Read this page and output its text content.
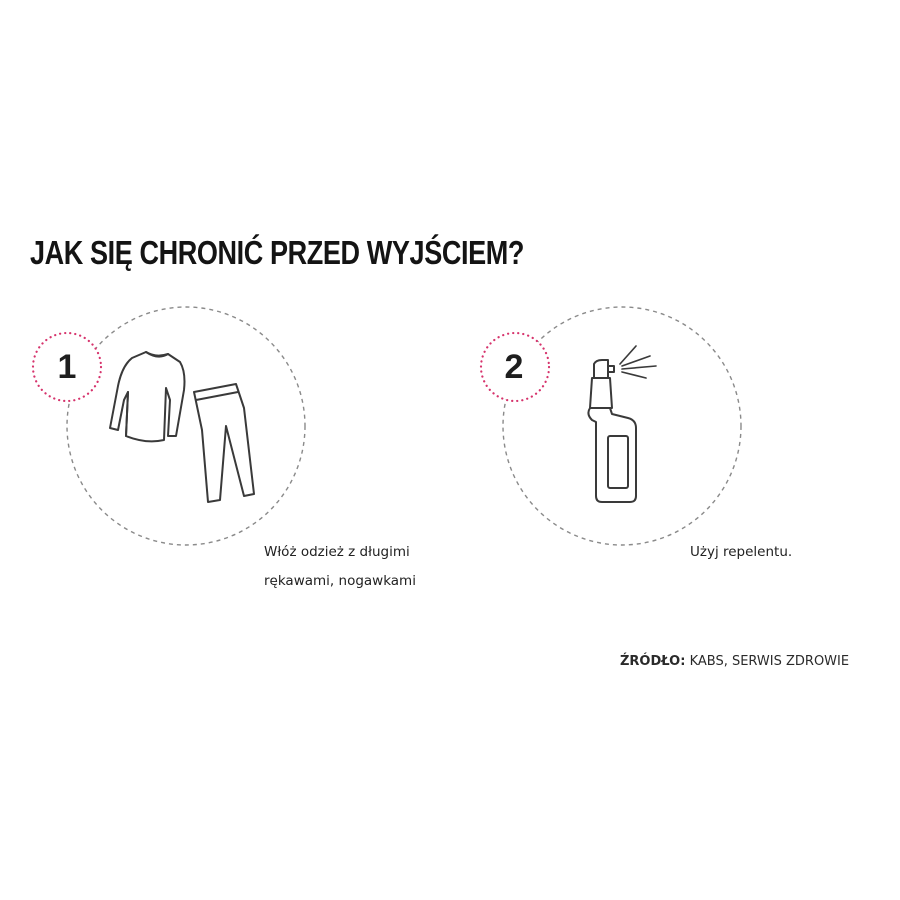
JAK SIĘ CHRONIĆ PRZED WYJŚCIEM?
1	2
Włóż odzież z długimi
rękawami, nogawkami
Użyj repelentu.
ŹRÓDŁO: KABS, SERWIS ZDROWIE
